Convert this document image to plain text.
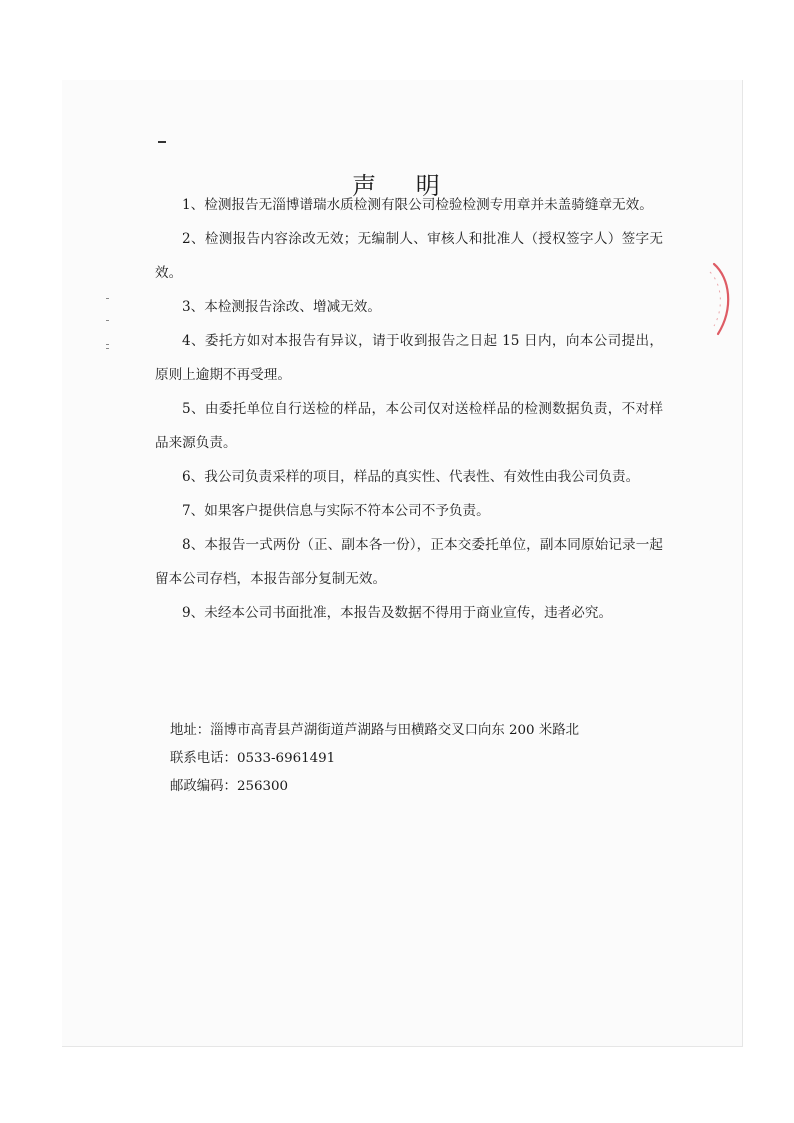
声 明

1、检测报告无淄博谱瑞水质检测有限公司检验检测专用章并未盖骑缝章无效。

2、检测报告内容涂改无效；无编制人、审核人和批准人（授权签字人）签字无效。

3、本检测报告涂改、增减无效。

4、委托方如对本报告有异议，请于收到报告之日起 15 日内，向本公司提出，原则上逾期不再受理。

5、由委托单位自行送检的样品，本公司仅对送检样品的检测数据负责，不对样品来源负责。

6、我公司负责采样的项目，样品的真实性、代表性、有效性由我公司负责。

7、如果客户提供信息与实际不符本公司不予负责。

8、本报告一式两份（正、副本各一份），正本交委托单位，副本同原始记录一起留本公司存档，本报告部分复制无效。

9、未经本公司书面批准，本报告及数据不得用于商业宣传，违者必究。

地址：淄博市高青县芦湖街道芦湖路与田横路交叉口向东 200 米路北

联系电话：0533-6961491

邮政编码：256300
